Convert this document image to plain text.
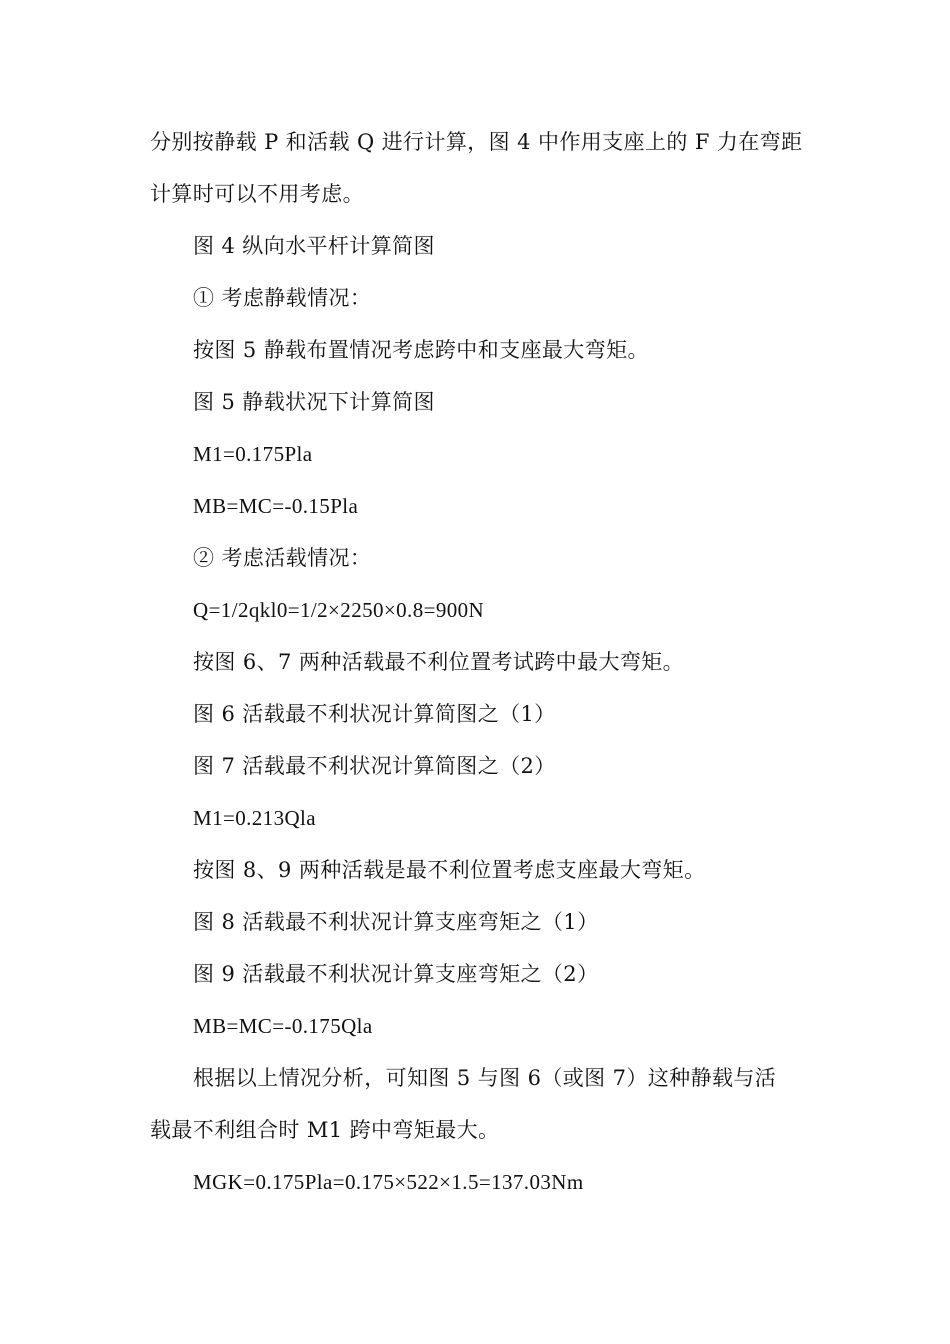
分别按静载 P 和活载 Q 进行计算，图 4 中作用支座上的 F 力在弯距
计算时可以不用考虑。
图 4 纵向水平杆计算简图
① 考虑静载情况：
按图 5 静载布置情况考虑跨中和支座最大弯矩。
图 5 静载状况下计算简图
M1=0.175Pla
MB=MC=-0.15Pla
② 考虑活载情况：
Q=1/2qkl0=1/2×2250×0.8=900N
按图 6、7 两种活载最不利位置考试跨中最大弯矩。
图 6 活载最不利状况计算简图之（1）
图 7 活载最不利状况计算简图之（2）
M1=0.213Qla
按图 8、9 两种活载是最不利位置考虑支座最大弯矩。
图 8 活载最不利状况计算支座弯矩之（1）
图 9 活载最不利状况计算支座弯矩之（2）
MB=MC=-0.175Qla
根据以上情况分析，可知图 5 与图 6（或图 7）这种静载与活
载最不利组合时 M1 跨中弯矩最大。
MGK=0.175Pla=0.175×522×1.5=137.03Nm
